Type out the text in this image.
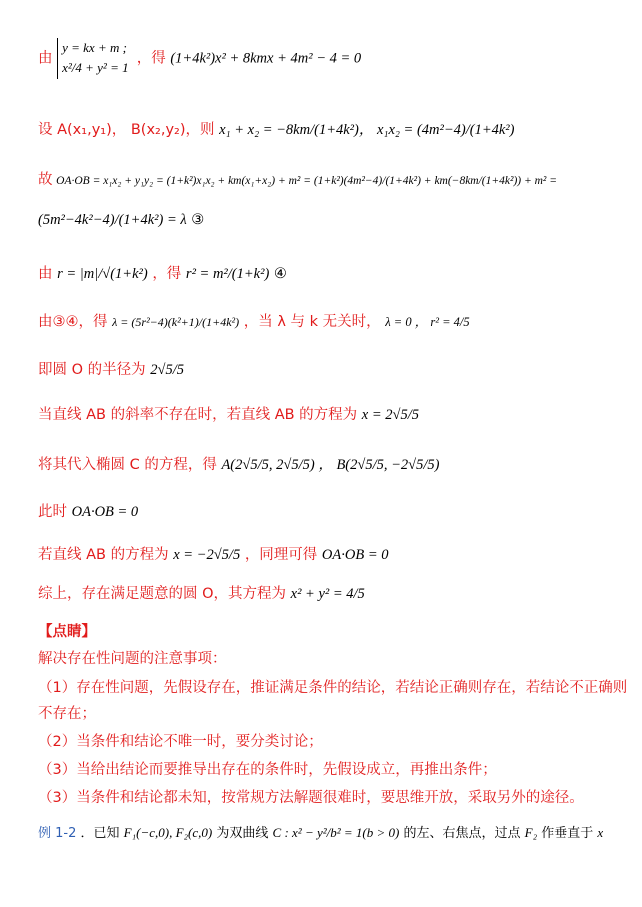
由 y = kx + m ; x²/4 + y² = 1 ，得 (1+4k²)x² + 8kmx + 4m² − 4 = 0
设 A(x₁,y₁)， B(x₂,y₂)，则 x₁ + x₂ = −8km/(1+4k²)， x₁x₂ = (4m²−4)/(1+4k²)
故 OA·OB = x₁x₂ + y₁y₂ = (1+k²)x₁x₂ + km(x₁+x₂) + m² = (1+k²)(4m²−4)/(1+4k²) + km(−8km/(1+4k²)) + m² =
(5m²−4k²−4)/(1+4k²) = λ ③
由 r = |m|/√(1+k²) ，得 r² = m²/(1+k²) ④
由③④，得 λ = (5r²−4)(k²+1)/(1+4k²) ，当 λ 与 k 无关时， λ = 0 ， r² = 4/5
即圆 O 的半径为 2√5/5
当直线 AB 的斜率不存在时，若直线 AB 的方程为 x = 2√5/5
将其代入椭圆 C 的方程，得 A(2√5/5, 2√5/5) ， B(2√5/5, −2√5/5)
此时 OA·OB = 0
若直线 AB 的方程为 x = −2√5/5 ，同理可得 OA·OB = 0
综上，存在满足题意的圆 O，其方程为 x² + y² = 4/5
【点睛】
解决存在性问题的注意事项：
（1）存在性问题，先假设存在，推证满足条件的结论，若结论正确则存在，若结论不正确则
不存在；
（2）当条件和结论不唯一时，要分类讨论；
（3）当给出结论而要推导出存在的条件时，先假设成立，再推出条件；
（3）当条件和结论都未知，按常规方法解题很难时，要思维开放，采取另外的途径。
例 1-2 ．已知 F₁(−c,0), F₂(c,0) 为双曲线 C : x² − y²/b² = 1(b > 0) 的左、右焦点，过点 F₂ 作垂直于 x
